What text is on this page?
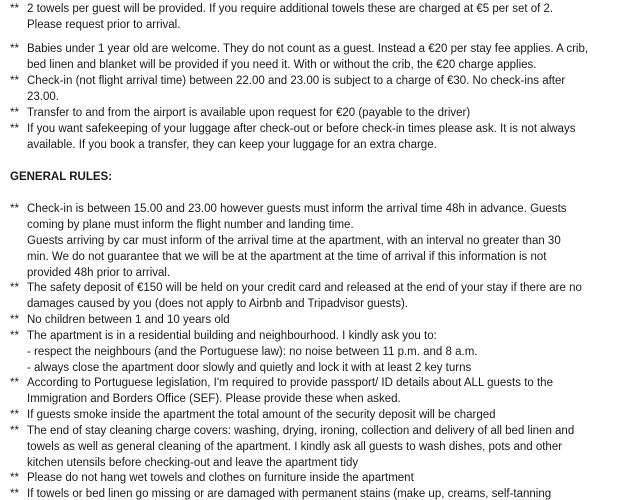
** 2 towels per guest will be provided. If you require additional towels these are charged at €5 per set of 2.
Please request prior to arrival.
** Babies under 1 year old are welcome. They do not count as a guest. Instead a €20 per stay fee applies. A crib,
bed linen and blanket will be provided if you need it. With or without the crib, the €20 charge applies.
** Check-in (not flight arrival time) between 22.00 and 23.00 is subject to a charge of €30. No check-ins after
23.00.
** Transfer to and from the airport is available upon request for €20 (payable to the driver)
** If you want safekeeping of your luggage after check-out or before check-in times please ask. It is not always
available. If you book a transfer, they can keep your luggage for an extra charge.
GENERAL RULES:
** Check-in is between 15.00 and 23.00 however guests must inform the arrival time 48h in advance. Guests
coming by plane must inform the flight number and landing time.
Guests arriving by car must inform of the arrival time at the apartment, with an interval no greater than 30
min. We do not guarantee that we will be at the apartment at the time of arrival if this information is not
provided 48h prior to arrival.
** The safety deposit of €150 will be held on your credit card and released at the end of your stay if there are no
damages caused by you (does not apply to Airbnb and Tripadvisor guests).
** No children between 1 and 10 years old
** The apartment is in a residential building and neighbourhood. I kindly ask you to:
- respect the neighbours (and the Portuguese law): no noise between 11 p.m. and 8 a.m.
- always close the apartment door slowly and quietly and lock it with at least 2 key turns
** According to Portuguese legislation, I'm required to provide passport/ ID details about ALL guests to the
Immigration and Borders Office (SEF). Please provide these when asked.
** If guests smoke inside the apartment the total amount of the security deposit will be charged
** The end of stay cleaning charge covers: washing, drying, ironing, collection and delivery of all bed linen and
towels as well as general cleaning of the apartment. I kindly ask all guests to wash dishes, pots and other
kitchen utensils before checking-out and leave the apartment tidy
** Please do not hang wet towels and clothes on furniture inside the apartment
** If towels or bed linen go missing or are damaged with permanent stains (make up, creams, self-tanning
